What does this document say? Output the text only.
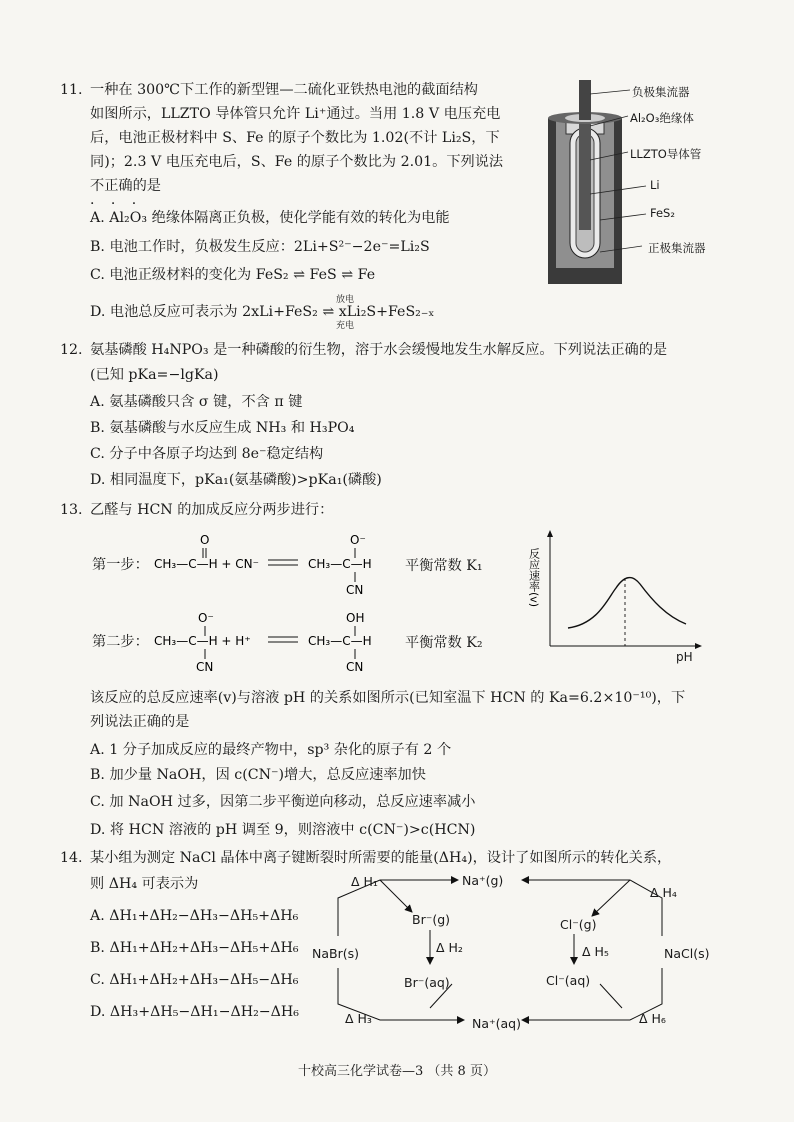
11. 一种在 300℃下工作的新型锂—二硫化亚铁热电池的截面结构
如图所示，LLZTO 导体管只允许 Li⁺通过。当用 1.8 V 电压充电
后，电池正极材料中 S、Fe 的原子个数比为 1.02(不计 Li₂S，下
同)；2.3 V 电压充电后，S、Fe 的原子个数比为 2.01。下列说法
不正确的是
· · ·
A. Al₂O₃ 绝缘体隔离正负极，使化学能有效的转化为电能
B. 电池工作时，负极发生反应：2Li+S²⁻−2e⁻=Li₂S
C. 电池正级材料的变化为 FeS₂ ⇌ FeS ⇌ Fe
D. 电池总反应可表示为 2xLi+FeS₂ ⇌ xLi₂S+FeS₂₋ₓ
放电
充电
负极集流器
Al₂O₃绝缘体
LLZTO导体管
Li
FeS₂
正极集流器
12. 氨基磷酸 H₄NPO₃ 是一种磷酸的衍生物，溶于水会缓慢地发生水解反应。下列说法正确的是
(已知 pKa=−lgKa)
A. 氨基磷酸只含 σ 键，不含 π 键
B. 氨基磷酸与水反应生成 NH₃ 和 H₃PO₄
C. 分子中各原子均达到 8e⁻稳定结构
D. 相同温度下，pKa₁(氨基磷酸)>pKa₁(磷酸)
13. 乙醛与 HCN 的加成反应分两步进行：
第一步：
第二步：
CH₃—C—H + CN⁻
O
CH₃—C—H
O⁻
CN
CH₃—C—H + H⁺
O⁻
CN
CH₃—C—H
OH
CN
平衡常数 K₁
平衡常数 K₂
反应速率(v)
pH
该反应的总反应速率(v)与溶液 pH 的关系如图所示(已知室温下 HCN 的 Ka=6.2×10⁻¹⁰)，下
列说法正确的是
A. 1 分子加成反应的最终产物中，sp³ 杂化的原子有 2 个
B. 加少量 NaOH，因 c(CN⁻)增大，总反应速率加快
C. 加 NaOH 过多，因第二步平衡逆向移动，总反应速率减小
D. 将 HCN 溶液的 pH 调至 9，则溶液中 c(CN⁻)>c(HCN)
14. 某小组为测定 NaCl 晶体中离子键断裂时所需要的能量(ΔH₄)，设计了如图所示的转化关系，
则 ΔH₄ 可表示为
A. ΔH₁+ΔH₂−ΔH₃−ΔH₅+ΔH₆
B. ΔH₁+ΔH₂+ΔH₃−ΔH₅+ΔH₆
C. ΔH₁+ΔH₂+ΔH₃−ΔH₅−ΔH₆
D. ΔH₃+ΔH₅−ΔH₁−ΔH₂−ΔH₆
Δ H₁	Na⁺(g)
Δ H₄
Br⁻(g)	Cl⁻(g)
Δ H₂	Δ H₅
NaBr(s)	NaCl(s)
Br⁻(aq)	Cl⁻(aq)
Δ H₃	Na⁺(aq)	Δ H₆
十校高三化学试卷—3 （共 8 页）
